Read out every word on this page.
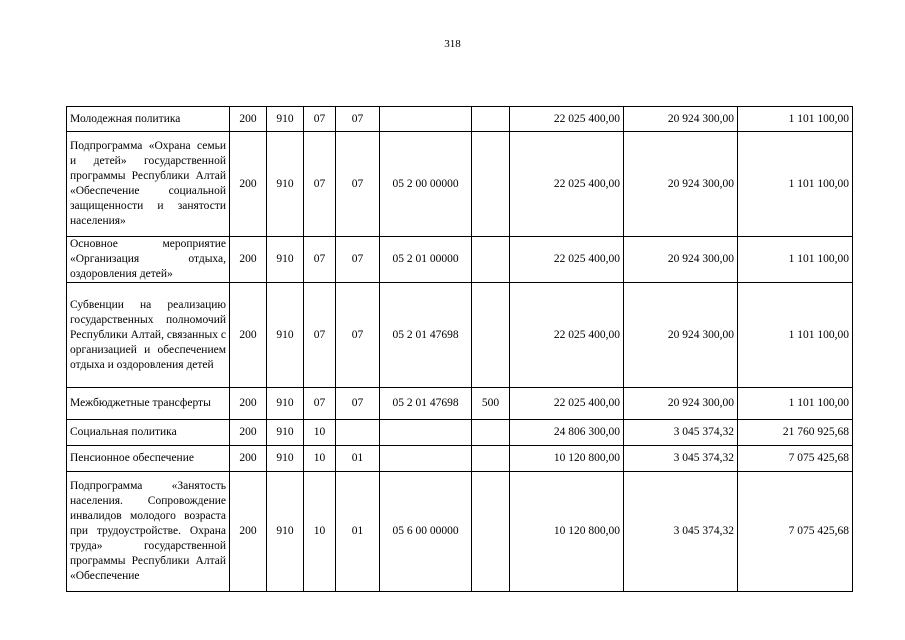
318
Молодежная политика	200	910	07	07			22 025 400,00	20 924 300,00	1 101 100,00
Подпрограмма «Охрана семьи и детей» государственной программы Республики Алтай «Обеспечение социальной защищенности и занятости населения»	200	910	07	07	05 2 00 00000		22 025 400,00	20 924 300,00	1 101 100,00
Основное мероприятие «Организация отдыха, оздоровления детей»	200	910	07	07	05 2 01 00000		22 025 400,00	20 924 300,00	1 101 100,00
Субвенции на реализацию государственных полномочий Республики Алтай, связанных с организацией и обеспечением отдыха и оздоровления детей	200	910	07	07	05 2 01 47698		22 025 400,00	20 924 300,00	1 101 100,00
Межбюджетные трансферты	200	910	07	07	05 2 01 47698	500	22 025 400,00	20 924 300,00	1 101 100,00
Социальная политика	200	910	10				24 806 300,00	3 045 374,32	21 760 925,68
Пенсионное обеспечение	200	910	10	01			10 120 800,00	3 045 374,32	7 075 425,68
Подпрограмма «Занятость населения. Сопровождение инвалидов молодого возраста при трудоустройстве. Охрана труда» государственной программы Республики Алтай «Обеспечение	200	910	10	01	05 6 00 00000		10 120 800,00	3 045 374,32	7 075 425,68
